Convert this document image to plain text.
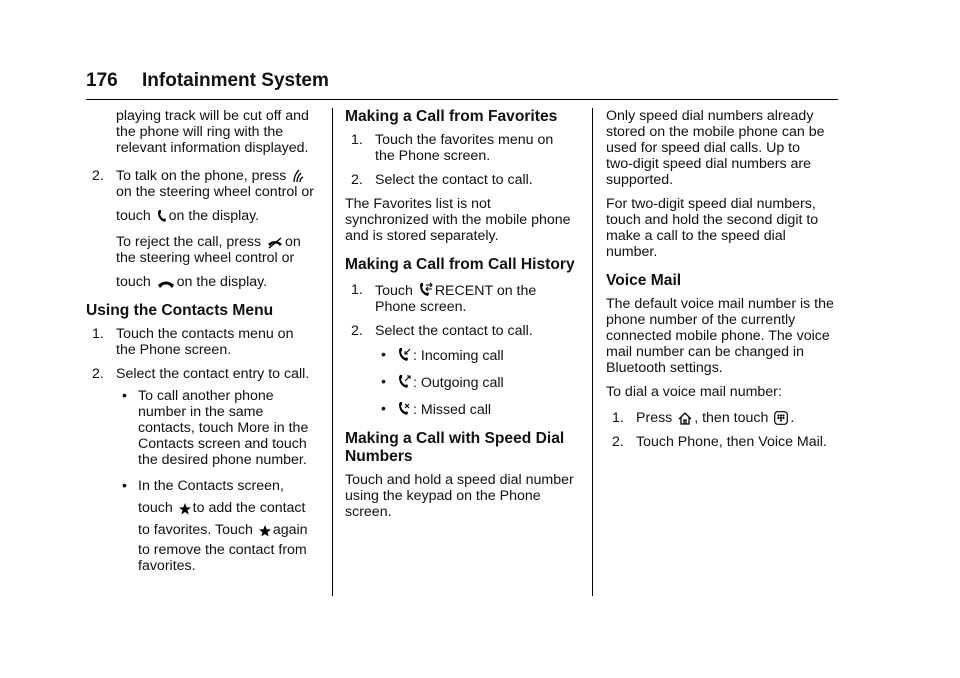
176 Infotainment System

playing track will be cut off and

the phone will ring with the

relevant information displayed.

2. To talk on the phone, press

on the steering wheel control or

touch on the display.

To reject the call, press on

the steering wheel control or

touch on the display.

Using the Contacts Menu
1. Touch the contacts menu on

the Phone screen.

2. Select the contact entry to call.

• To call another phone

number in the same

contacts, touch More in the

Contacts screen and touch

the desired phone number.

• In the Contacts screen,

touch to add the contact

to favorites. Touch again

to remove the contact from

favorites.

Making a Call from Favorites
1. Touch the favorites menu on

the Phone screen.

2. Select the contact to call.

The Favorites list is not

synchronized with the mobile phone

and is stored separately.

Making a Call from Call History
1. Touch RECENT on the

Phone screen.

2. Select the contact to call.

•	: Incoming call

•	: Outgoing call

•	: Missed call

Making a Call with Speed Dial
Numbers

Touch and hold a speed dial number

using the keypad on the Phone

screen.

Only speed dial numbers already

stored on the mobile phone can be

used for speed dial calls. Up to

two-digit speed dial numbers are

supported.

For two-digit speed dial numbers,

touch and hold the second digit to

make a call to the speed dial

number.

Voice Mail

The default voice mail number is the

phone number of the currently

connected mobile phone. The voice

mail number can be changed in

Bluetooth settings.

To dial a voice mail number:

1. Press , then touch .

2. Touch Phone, then Voice Mail.
